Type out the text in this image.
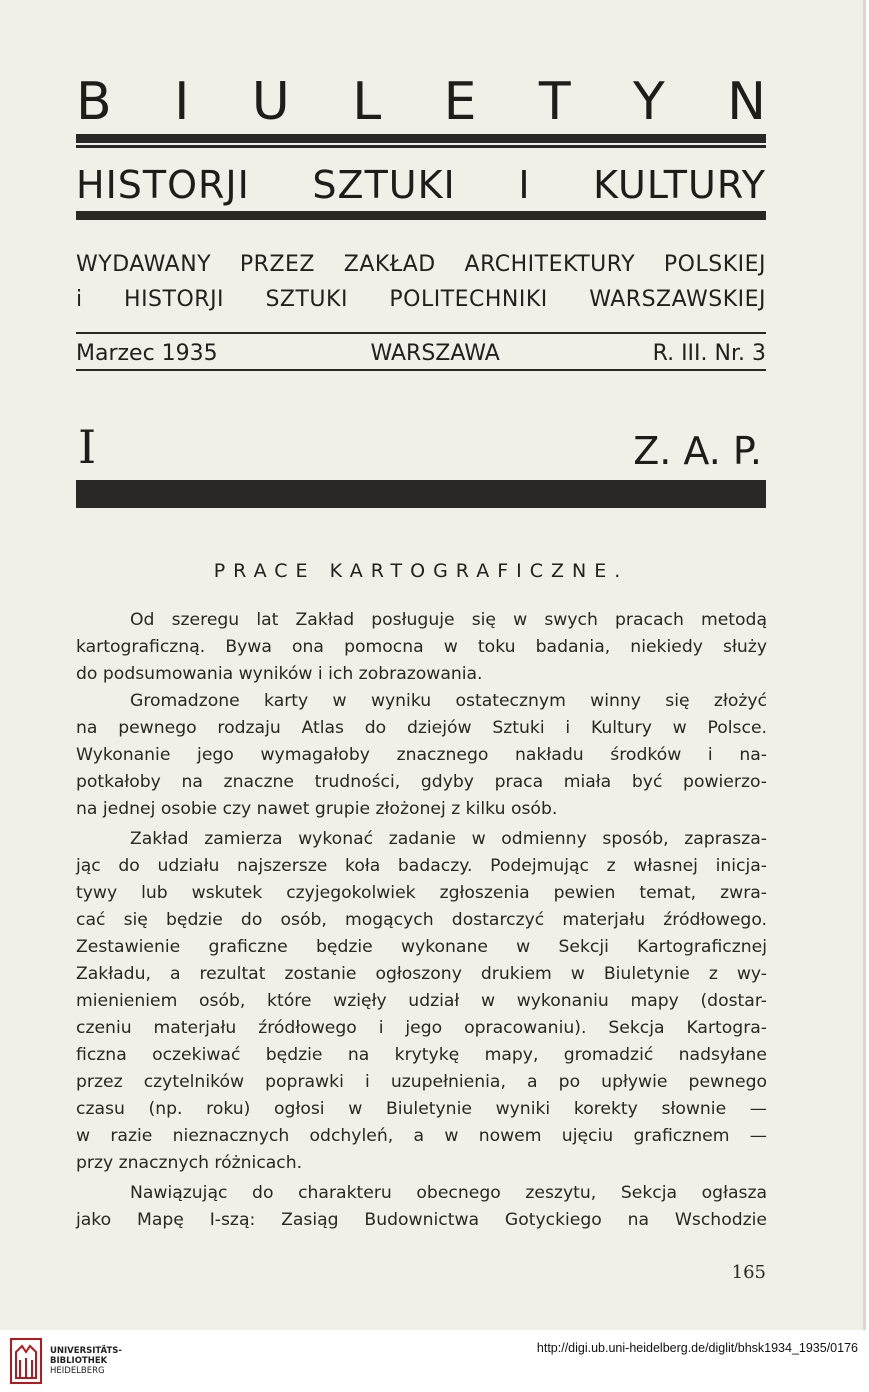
B I U L E T Y N
HISTORJI SZTUKI I KULTURY
WYDAWANY PRZEZ ZAKŁAD ARCHITEKTURY POLSKIEJ
i HISTORJI SZTUKI POLITECHNIKI WARSZAWSKIEJ
Marzec 1935	WARSZAWA	R. III. Nr. 3
I	Z. A. P.
PRACE KARTOGRAFICZNE.
Od szeregu lat Zakład posługuje się w swych pracach metodą
kartograficzną. Bywa ona pomocna w toku badania, niekiedy służy
do podsumowania wyników i ich zobrazowania.
Gromadzone karty w wyniku ostatecznym winny się złożyć
na pewnego rodzaju Atlas do dziejów Sztuki i Kultury w Polsce.
Wykonanie jego wymagałoby znacznego nakładu środków i na-
potkałoby na znaczne trudności, gdyby praca miała być powierzo-
na jednej osobie czy nawet grupie złożonej z kilku osób.
Zakład zamierza wykonać zadanie w odmienny sposób, zapraszа-
jąc do udziału najszersze koła badaczy. Podejmując z własnej inicja-
tywy lub wskutek czyjegokolwiek zgłoszenia pewien temat, zwra-
cać się będzie do osób, mogących dostarczyć materjału źródłowego.
Zestawienie graficzne będzie wykonane w Sekcji Kartograficznej
Zakładu, a rezultat zostanie ogłoszony drukiem w Biuletynie z wy-
mienieniem osób, które wzięły udział w wykonaniu mapy (dostar-
czeniu materjału źródłowego i jego opracowaniu). Sekcja Kartogra-
ficzna oczekiwać będzie na krytykę mapy, gromadzić nadsyłane
przez czytelników poprawki i uzupełnienia, a po upływie pewnego
czasu (np. roku) ogłosi w Biuletynie wyniki korekty słownie —
w razie nieznacznych odchyleń, a w nowem ujęciu graficznem —
przy znacznych różnicach.
Nawiązując do charakteru obecnego zeszytu, Sekcja ogłasza
jako Mapę I-szą: Zasiąg Budownictwa Gotyckiego na Wschodzie
165
UNIVERSITÄTS-
BIBLIOTHEK
HEIDELBERG
http://digi.ub.uni-heidelberg.de/diglit/bhsk1934_1935/0176
